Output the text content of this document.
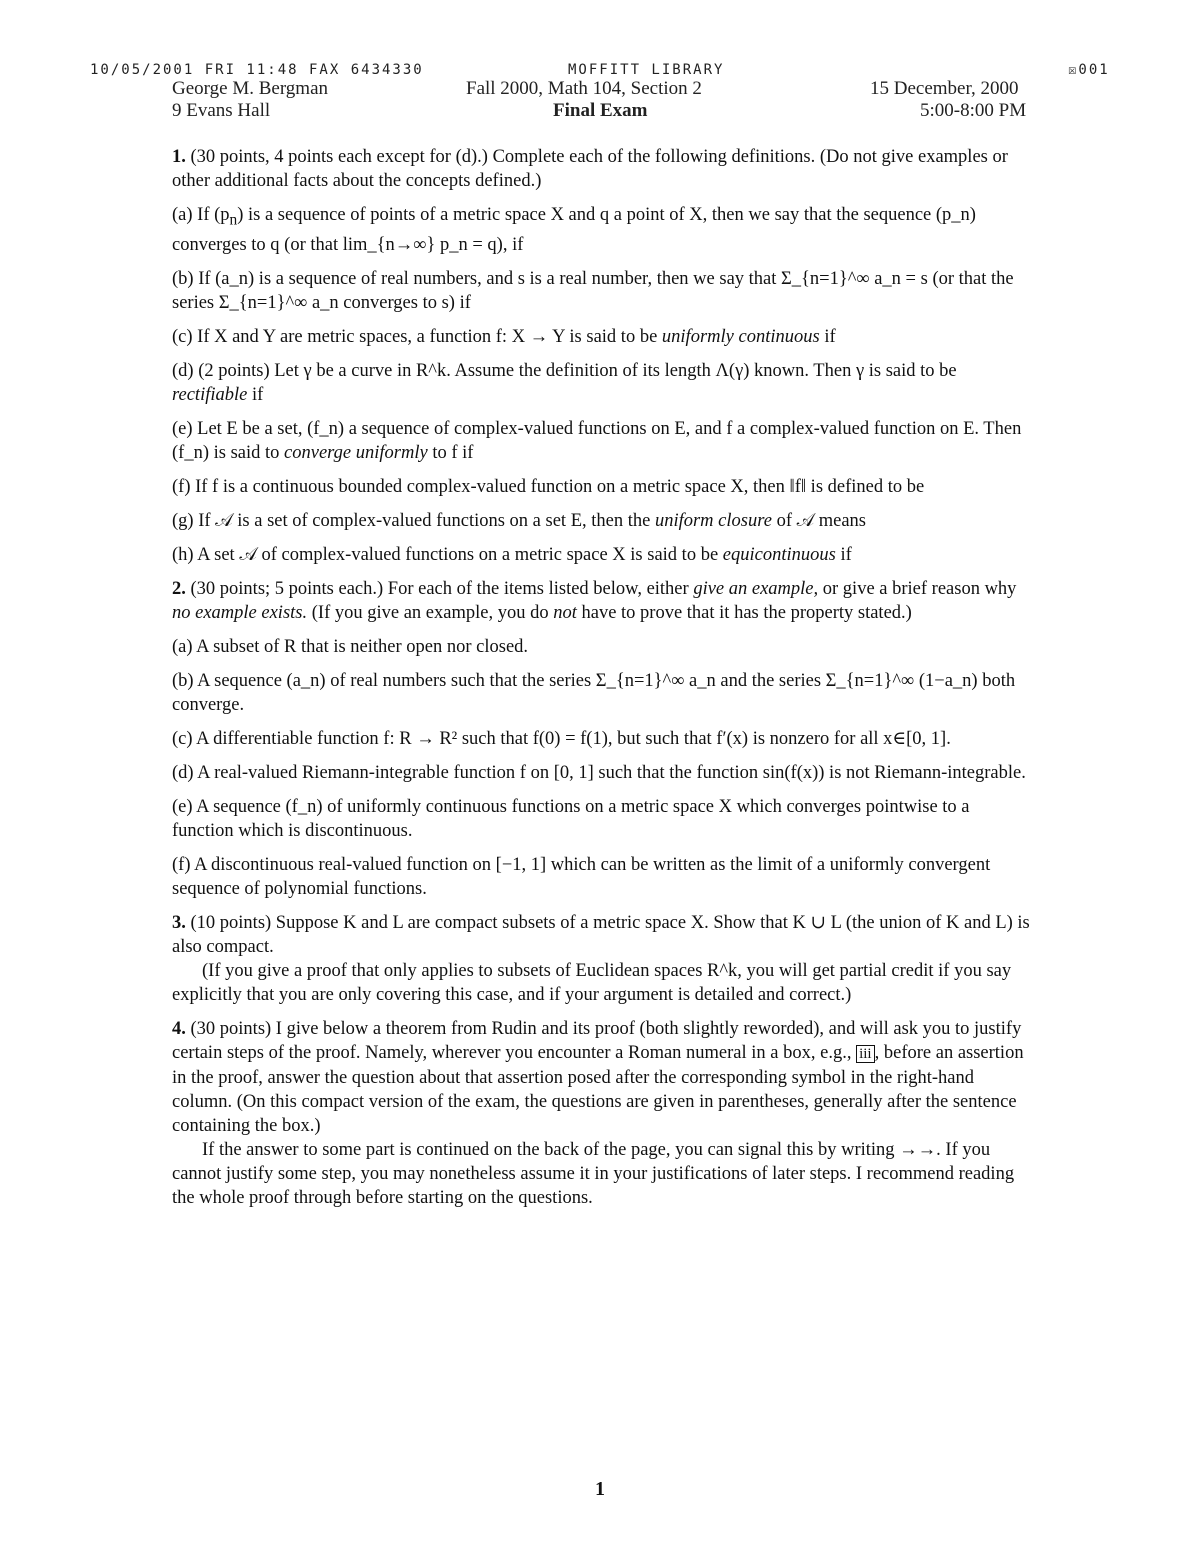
10/05/2001 FRI 11:48 FAX 6434330	MOFFITT LIBRARY	☒001
George M. Bergman	Fall 2000, Math 104, Section 2	15 December, 2000
9 Evans Hall	Final Exam	5:00-8:00 PM

1. (30 points, 4 points each except for (d).) Complete each of the following definitions. (Do not give examples or other additional facts about the concepts defined.)

(a) If $(p_n)$ is a sequence of points of a metric space X and q a point of X, then we say that the sequence (p_n) converges to q (or that lim_{n→∞} p_n = q), if

(b) If (a_n) is a sequence of real numbers, and s is a real number, then we say that Σ_{n=1}^∞ a_n = s (or that the series Σ_{n=1}^∞ a_n converges to s) if

(c) If X and Y are metric spaces, a function f: X → Y is said to be uniformly continuous if

(d) (2 points) Let γ be a curve in R^k. Assume the definition of its length Λ(γ) known. Then γ is said to be rectifiable if

(e) Let E be a set, (f_n) a sequence of complex-valued functions on E, and f a complex-valued function on E. Then (f_n) is said to converge uniformly to f if

(f) If f is a continuous bounded complex-valued function on a metric space X, then ‖f‖ is defined to be

(g) If 𝒜 is a set of complex-valued functions on a set E, then the uniform closure of 𝒜 means

(h) A set 𝒜 of complex-valued functions on a metric space X is said to be equicontinuous if

2. (30 points; 5 points each.) For each of the items listed below, either give an example, or give a brief reason why no example exists. (If you give an example, you do not have to prove that it has the property stated.)

(a) A subset of R that is neither open nor closed.

(b) A sequence (a_n) of real numbers such that the series Σ_{n=1}^∞ a_n and the series Σ_{n=1}^∞ (1−a_n) both converge.

(c) A differentiable function f: R → R² such that f(0) = f(1), but such that f′(x) is nonzero for all x∈[0, 1].

(d) A real-valued Riemann-integrable function f on [0, 1] such that the function sin(f(x)) is not Riemann-integrable.

(e) A sequence (f_n) of uniformly continuous functions on a metric space X which converges pointwise to a function which is discontinuous.

(f) A discontinuous real-valued function on [−1, 1] which can be written as the limit of a uniformly convergent sequence of polynomial functions.

3. (10 points) Suppose K and L are compact subsets of a metric space X. Show that K ∪ L (the union of K and L) is also compact.

(If you give a proof that only applies to subsets of Euclidean spaces R^k, you will get partial credit if you say explicitly that you are only covering this case, and if your argument is detailed and correct.)

4. (30 points) I give below a theorem from Rudin and its proof (both slightly reworded), and will ask you to justify certain steps of the proof. Namely, wherever you encounter a Roman numeral in a box, e.g., iii , before an assertion in the proof, answer the question about that assertion posed after the corresponding symbol in the right-hand column. (On this compact version of the exam, the questions are given in parentheses, generally after the sentence containing the box.)

If the answer to some part is continued on the back of the page, you can signal this by writing →→. If you cannot justify some step, you may nonetheless assume it in your justifications of later steps. I recommend reading the whole proof through before starting on the questions.

1
